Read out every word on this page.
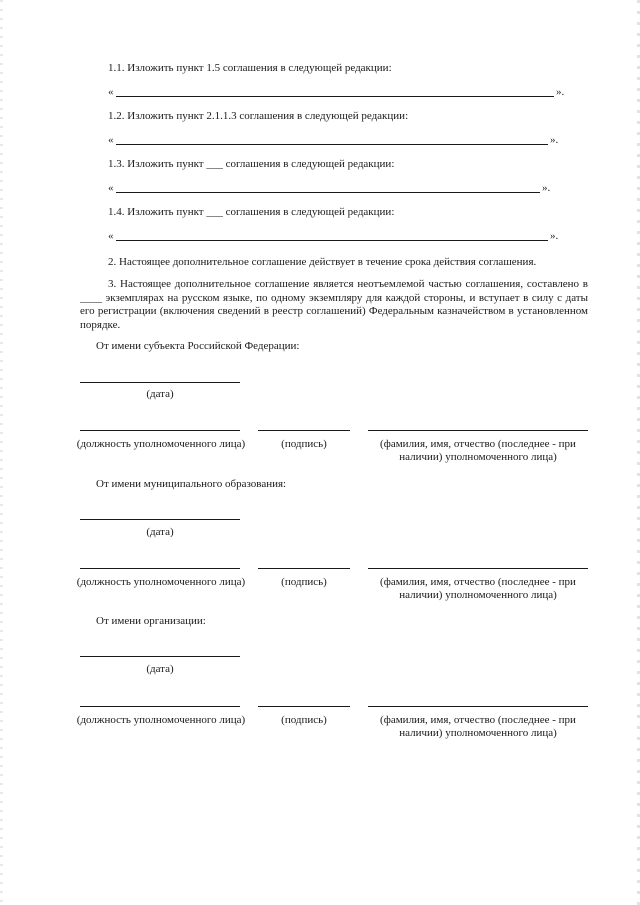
1.1. Изложить пункт 1.5 соглашения в следующей редакции:
«	».
1.2. Изложить пункт 2.1.1.3 соглашения в следующей редакции:
«	».
1.3. Изложить пункт ___ соглашения в следующей редакции:
«	».
1.4. Изложить пункт ___ соглашения в следующей редакции:
«	».
2. Настоящее дополнительное соглашение действует в течение срока действия соглашения.
3. Настоящее дополнительное соглашение является неотъемлемой частью соглашения, составлено в ____ экземплярах на русском языке, по одному экземпляру для каждой стороны, и вступает в силу с даты его регистрации (включения сведений в реестр соглашений) Федеральным казначейством в установленном порядке.
От имени субъекта Российской Федерации:
(дата)
(должность уполномоченного лица)	(подпись)	(фамилия, имя, отчество (последнее - при наличии) уполномоченного лица)
От имени муниципального образования:
(дата)
(должность уполномоченного лица)	(подпись)	(фамилия, имя, отчество (последнее - при наличии) уполномоченного лица)
От имени организации:
(дата)
(должность уполномоченного лица)	(подпись)	(фамилия, имя, отчество (последнее - при наличии) уполномоченного лица)
